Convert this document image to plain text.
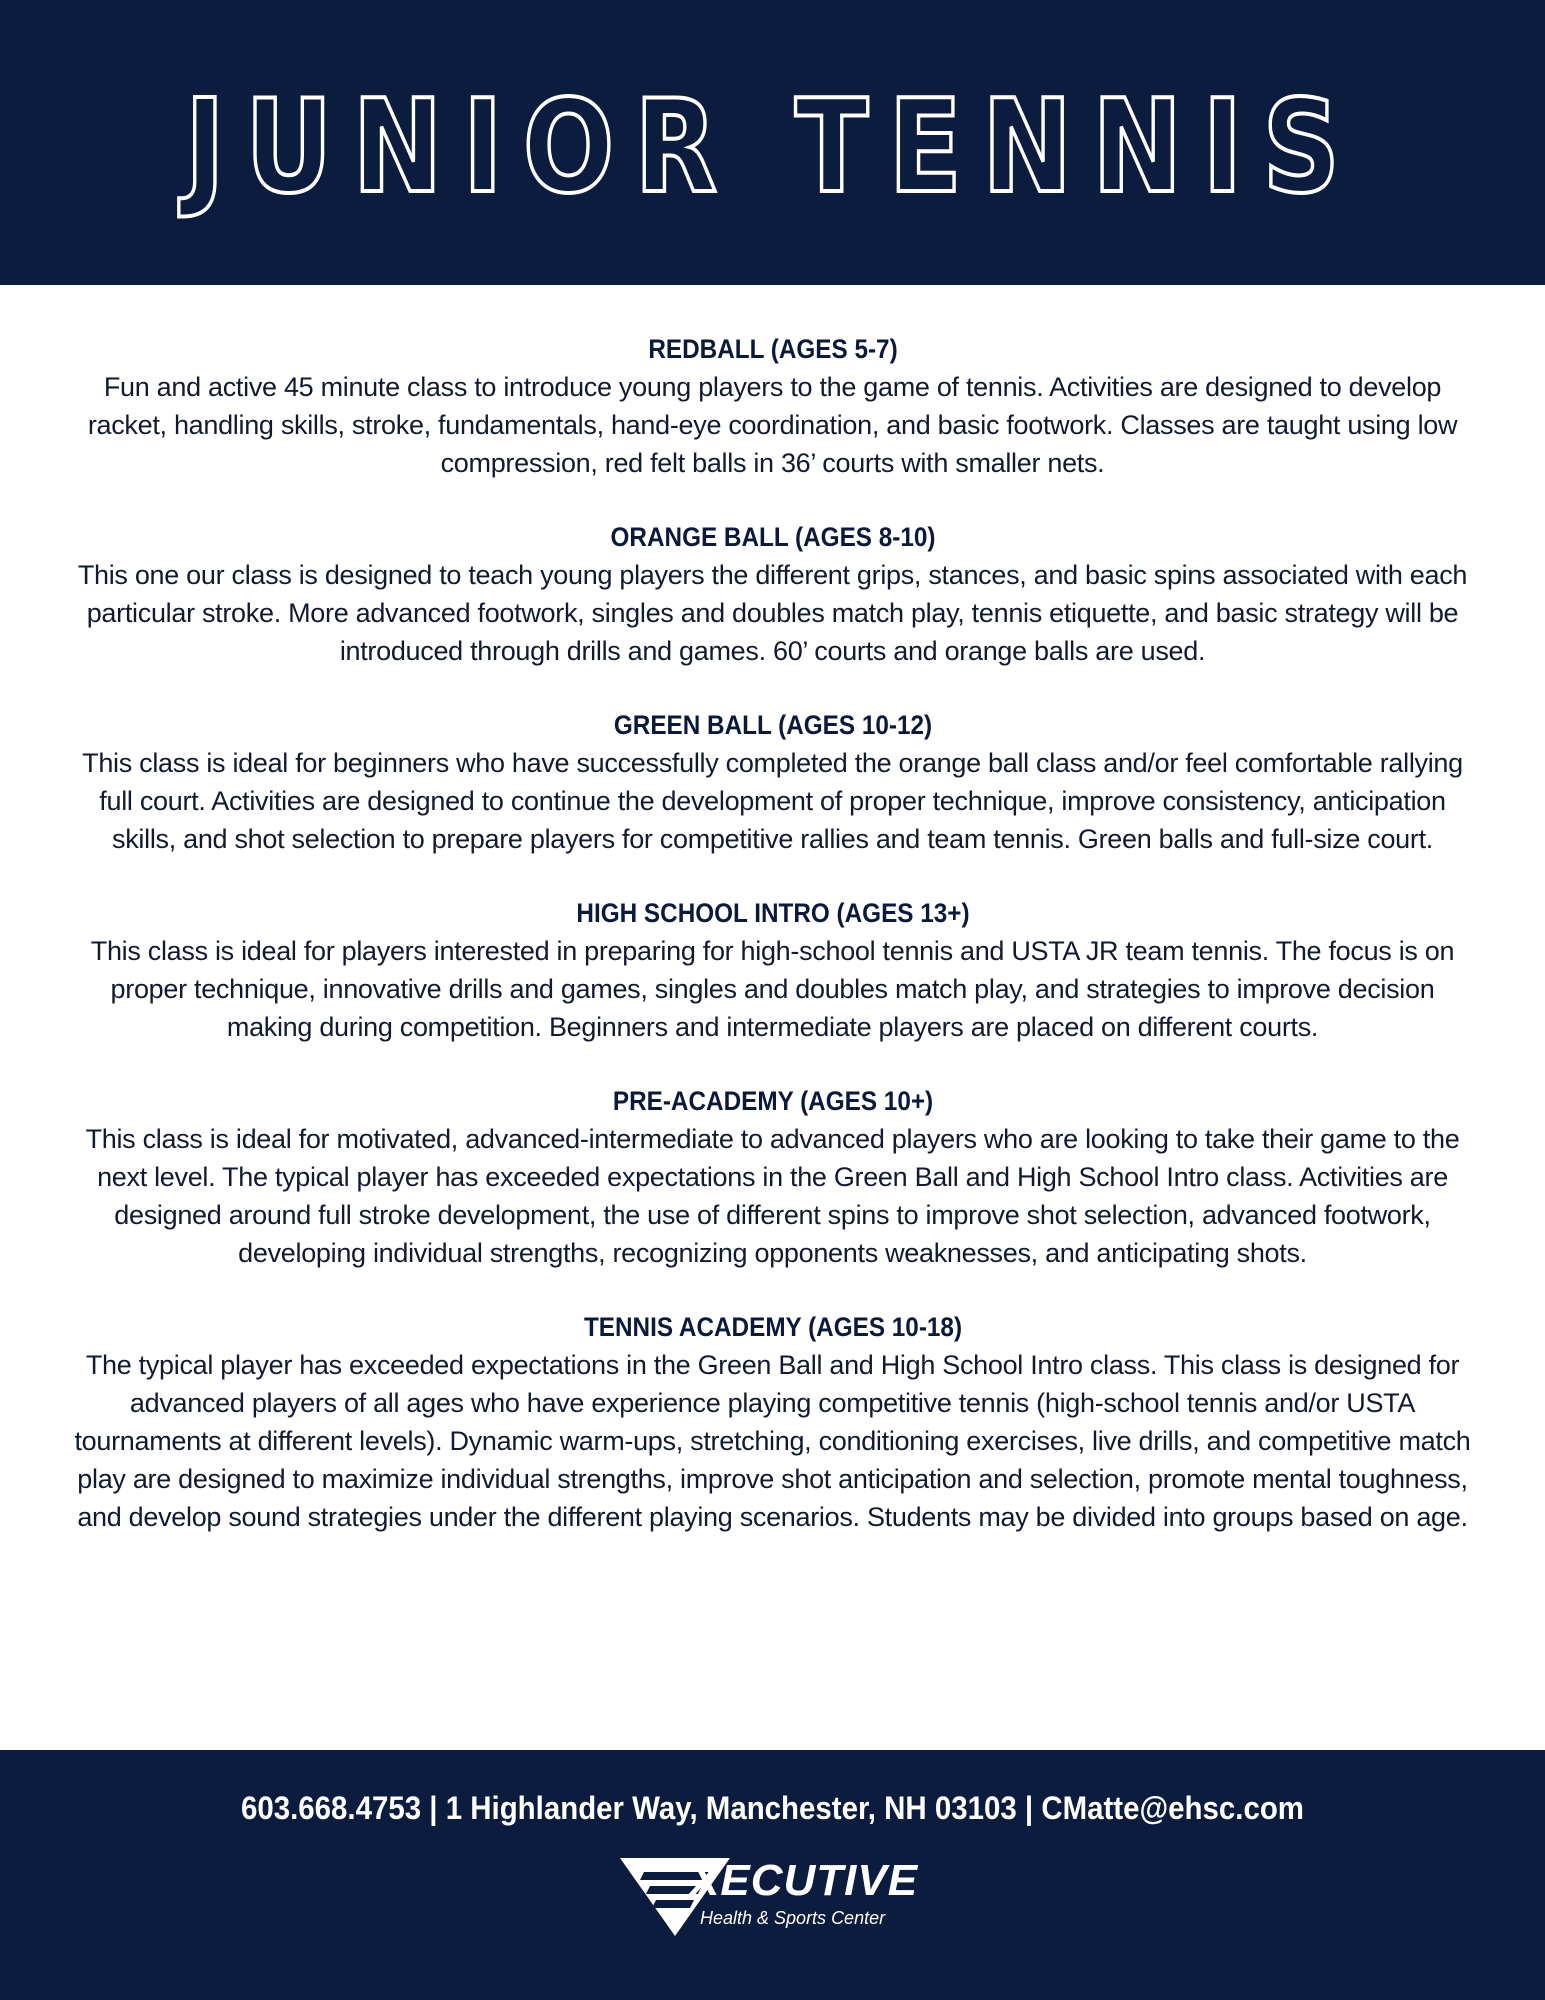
JUNIOR TENNIS

REDBALL (AGES 5-7)

Fun and active 45 minute class to introduce young players to the game of tennis. Activities are designed to develop racket, handling skills, stroke, fundamentals, hand-eye coordination, and basic footwork. Classes are taught using low compression, red felt balls in 36’ courts with smaller nets.

ORANGE BALL (AGES 8-10)

This one our class is designed to teach young players the different grips, stances, and basic spins associated with each particular stroke. More advanced footwork, singles and doubles match play, tennis etiquette, and basic strategy will be introduced through drills and games. 60’ courts and orange balls are used.

GREEN BALL (AGES 10-12)

This class is ideal for beginners who have successfully completed the orange ball class and/or feel comfortable rallying full court. Activities are designed to continue the development of proper technique, improve consistency, anticipation skills, and shot selection to prepare players for competitive rallies and team tennis. Green balls and full-size court.

HIGH SCHOOL INTRO (AGES 13+)

This class is ideal for players interested in preparing for high-school tennis and USTA JR team tennis. The focus is on proper technique, innovative drills and games, singles and doubles match play, and strategies to improve decision making during competition. Beginners and intermediate players are placed on different courts.

PRE-ACADEMY (AGES 10+)

This class is ideal for motivated, advanced-intermediate to advanced players who are looking to take their game to the next level. The typical player has exceeded expectations in the Green Ball and High School Intro class. Activities are designed around full stroke development, the use of different spins to improve shot selection, advanced footwork, developing individual strengths, recognizing opponents weaknesses, and anticipating shots.

TENNIS ACADEMY (AGES 10-18)

The typical player has exceeded expectations in the Green Ball and High School Intro class. This class is designed for advanced players of all ages who have experience playing competitive tennis (high-school tennis and/or USTA tournaments at different levels). Dynamic warm-ups, stretching, conditioning exercises, live drills, and competitive match play are designed to maximize individual strengths, improve shot anticipation and selection, promote mental toughness, and develop sound strategies under the different playing scenarios. Students may be divided into groups based on age.

603.668.4753 | 1 Highlander Way, Manchester, NH 03103 | CMatte@ehsc.com

XECUTIVE
Health & Sports Center
